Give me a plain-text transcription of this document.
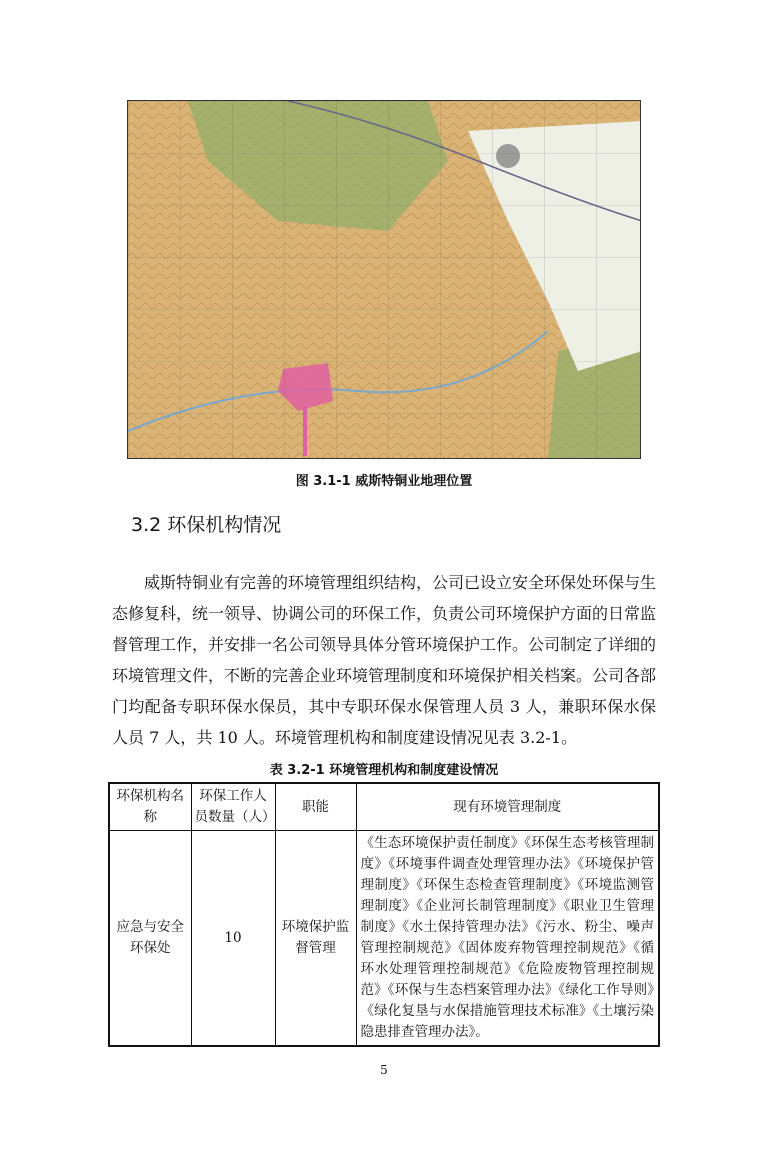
图 3.1-1 威斯特铜业地理位置
3.2 环保机构情况
威斯特铜业有完善的环境管理组织结构，公司已设立安全环保处环保与生态修复科，统一领导、协调公司的环保工作，负责公司环境保护方面的日常监督管理工作，并安排一名公司领导具体分管环境保护工作。公司制定了详细的环境管理文件，不断的完善企业环境管理制度和环境保护相关档案。公司各部门均配备专职环保水保员，其中专职环保水保管理人员 3 人，兼职环保水保人员 7 人，共 10 人。环境管理机构和制度建设情况见表 3.2-1。
表 3.2-1 环境管理机构和制度建设情况
环保机构名称	环保工作人员数量（人）	职能	现有环境管理制度
应急与安全环保处	10	环境保护监督管理	《生态环境保护责任制度》《环保生态考核管理制度》《环境事件调查处理管理办法》《环境保护管理制度》《环保生态检查管理制度》《环境监测管理制度》《企业河长制管理制度》《职业卫生管理制度》《水土保持管理办法》《污水、粉尘、噪声管理控制规范》《固体废弃物管理控制规范》《循环水处理管理控制规范》《危险废物管理控制规范》《环保与生态档案管理办法》《绿化工作导则》《绿化复垦与水保措施管理技术标准》《土壤污染隐患排查管理办法》。
5
